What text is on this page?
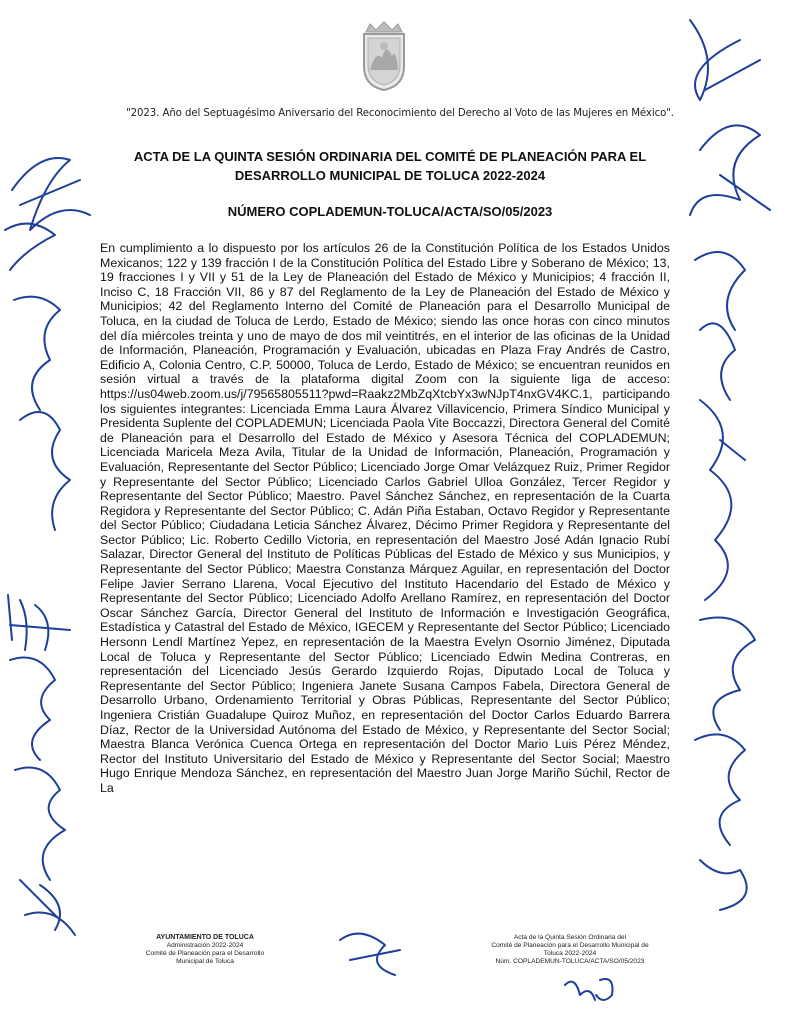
"2023. Año del Septuagésimo Aniversario del Reconocimiento del Derecho al Voto de las Mujeres en México".
ACTA DE LA QUINTA SESIÓN ORDINARIA DEL COMITÉ DE PLANEACIÓN PARA EL
DESARROLLO MUNICIPAL DE TOLUCA 2022-2024
NÚMERO COPLADEMUN-TOLUCA/ACTA/SO/05/2023
En cumplimiento a lo dispuesto por los artículos 26 de la Constitución Política de los Estados Unidos Mexicanos; 122 y 139 fracción I de la Constitución Política del Estado Libre y Soberano de México; 13, 19 fracciones I y VII y 51 de la Ley de Planeación del Estado de México y Municipios; 4 fracción II, Inciso C, 18 Fracción VII, 86 y 87 del Reglamento de la Ley de Planeación del Estado de México y Municipios; 42 del Reglamento Interno del Comité de Planeación para el Desarrollo Municipal de Toluca, en la ciudad de Toluca de Lerdo, Estado de México; siendo las once horas con cinco minutos del día miércoles treinta y uno de mayo de dos mil veintitrés, en el interior de las oficinas de la Unidad de Información, Planeación, Programación y Evaluación, ubicadas en Plaza Fray Andrés de Castro, Edificio A, Colonia Centro, C.P. 50000, Toluca de Lerdo, Estado de México; se encuentran reunidos en sesión virtual a través de la plataforma digital Zoom con la siguiente liga de acceso: https://us04web.zoom.us/j/79565805511?pwd=Raakz2MbZqXtcbYx3wNJpT4nxGV4KC.1, participando los siguientes integrantes: Licenciada Emma Laura Álvarez Villavicencio, Primera Síndico Municipal y Presidenta Suplente del COPLADEMUN; Licenciada Paola Vite Boccazzi, Directora General del Comité de Planeación para el Desarrollo del Estado de México y Asesora Técnica del COPLADEMUN; Licenciada Maricela Meza Avila, Titular de la Unidad de Información, Planeación, Programación y Evaluación, Representante del Sector Público; Licenciado Jorge Omar Velázquez Ruiz, Primer Regidor y Representante del Sector Público; Licenciado Carlos Gabriel Ulloa González, Tercer Regidor y Representante del Sector Público; Maestro. Pavel Sánchez Sánchez, en representación de la Cuarta Regidora y Representante del Sector Público; C. Adán Piña Estaban, Octavo Regidor y Representante del Sector Público; Ciudadana Leticia Sánchez Álvarez, Décimo Primer Regidora y Representante del Sector Público; Lic. Roberto Cedillo Victoria, en representación del Maestro José Adán Ignacio Rubí Salazar, Director General del Instituto de Políticas Públicas del Estado de México y sus Municipios, y Representante del Sector Público; Maestra Constanza Márquez Aguilar, en representación del Doctor Felipe Javier Serrano Llarena, Vocal Ejecutivo del Instituto Hacendario del Estado de México y Representante del Sector Público; Licenciado Adolfo Arellano Ramírez, en representación del Doctor Oscar Sánchez García, Director General del Instituto de Información e Investigación Geográfica, Estadística y Catastral del Estado de México, IGECEM y Representante del Sector Público; Licenciado Hersonn Lendl Martínez Yepez, en representación de la Maestra Evelyn Osornio Jiménez, Diputada Local de Toluca y Representante del Sector Público; Licenciado Edwin Medina Contreras, en representación del Licenciado Jesús Gerardo Izquierdo Rojas, Diputado Local de Toluca y Representante del Sector Público; Ingeniera Janete Susana Campos Fabela, Directora General de Desarrollo Urbano, Ordenamiento Territorial y Obras Públicas, Representante del Sector Público; Ingeniera Cristián Guadalupe Quiroz Muñoz, en representación del Doctor Carlos Eduardo Barrera Díaz, Rector de la Universidad Autónoma del Estado de México, y Representante del Sector Social; Maestra Blanca Verónica Cuenca Ortega en representación del Doctor Mario Luis Pérez Méndez, Rector del Instituto Universitario del Estado de México y Representante del Sector Social; Maestro Hugo Enrique Mendoza Sánchez, en representación del Maestro Juan Jorge Mariño Súchil, Rector de La
AYUNTAMIENTO DE TOLUCA
Administración 2022-2024
Comité de Planeación para el Desarrollo
Municipal de Toluca
Acta de la Quinta Sesión Ordinaria del
Comité de Planeación para el Desarrollo Municipal de
Toluca 2022-2024
Núm. COPLADEMUN-TOLUCA/ACTA/SO/05/2023
